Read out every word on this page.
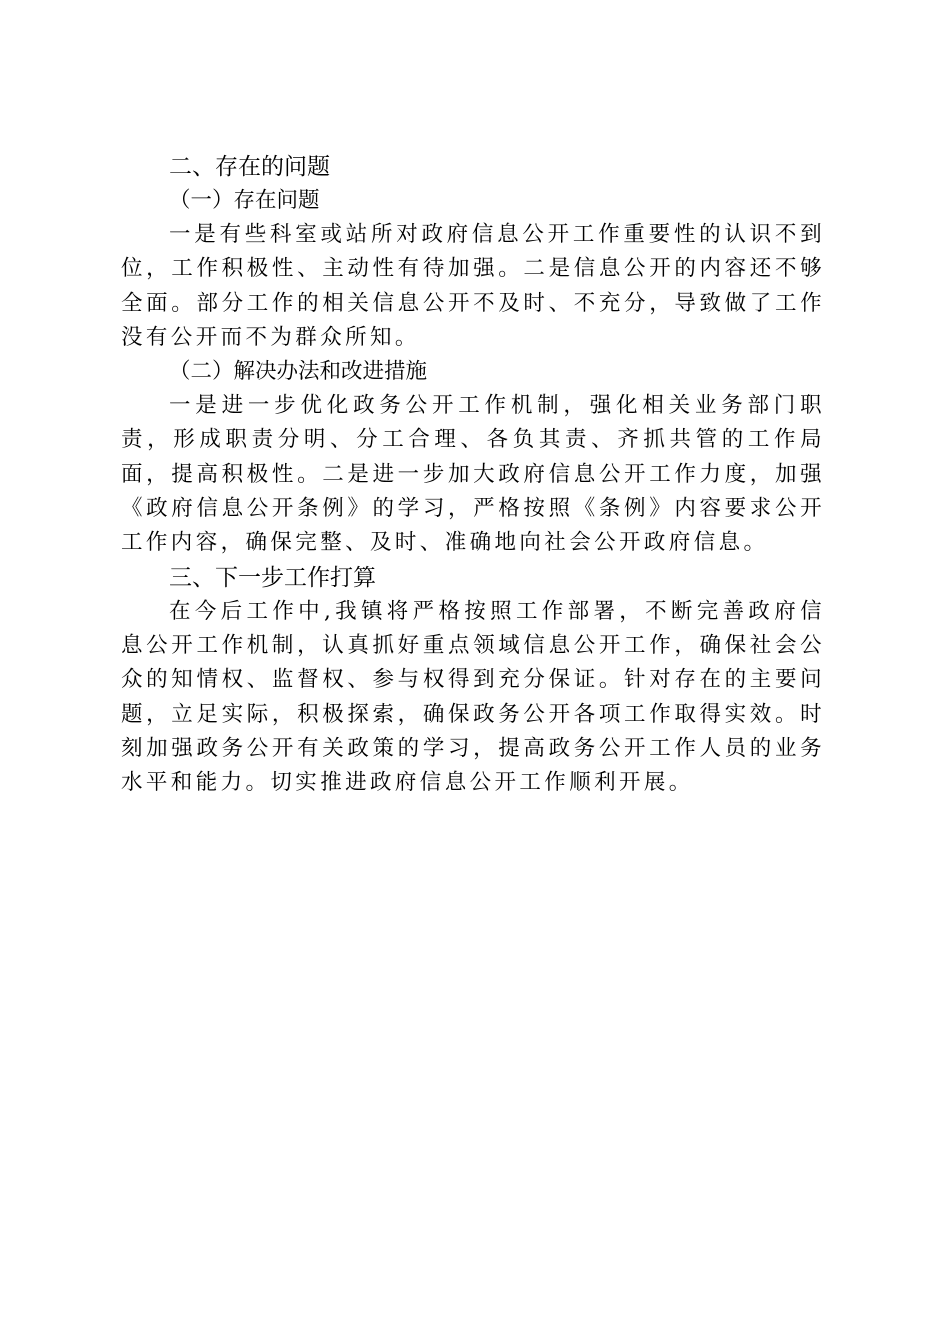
二、存在的问题
（一）存在问题

一是有些科室或站所对政府信息公开工作重要性的认识不到位，工作积极性、主动性有待加强。二是信息公开的内容还不够全面。部分工作的相关信息公开不及时、不充分，导致做了工作没有公开而不为群众所知。

（二）解决办法和改进措施

一是进一步优化政务公开工作机制，强化相关业务部门职责，形成职责分明、分工合理、各负其责、齐抓共管的工作局面，提高积极性。二是进一步加大政府信息公开工作力度，加强《政府信息公开条例》的学习，严格按照《条例》内容要求公开工作内容，确保完整、及时、准确地向社会公开政府信息。

三、下一步工作打算

在今后工作中,我镇将严格按照工作部署，不断完善政府信息公开工作机制，认真抓好重点领域信息公开工作，确保社会公众的知情权、监督权、参与权得到充分保证。针对存在的主要问题，立足实际，积极探索，确保政务公开各项工作取得实效。时刻加强政务公开有关政策的学习，提高政务公开工作人员的业务水平和能力。切实推进政府信息公开工作顺利开展。
